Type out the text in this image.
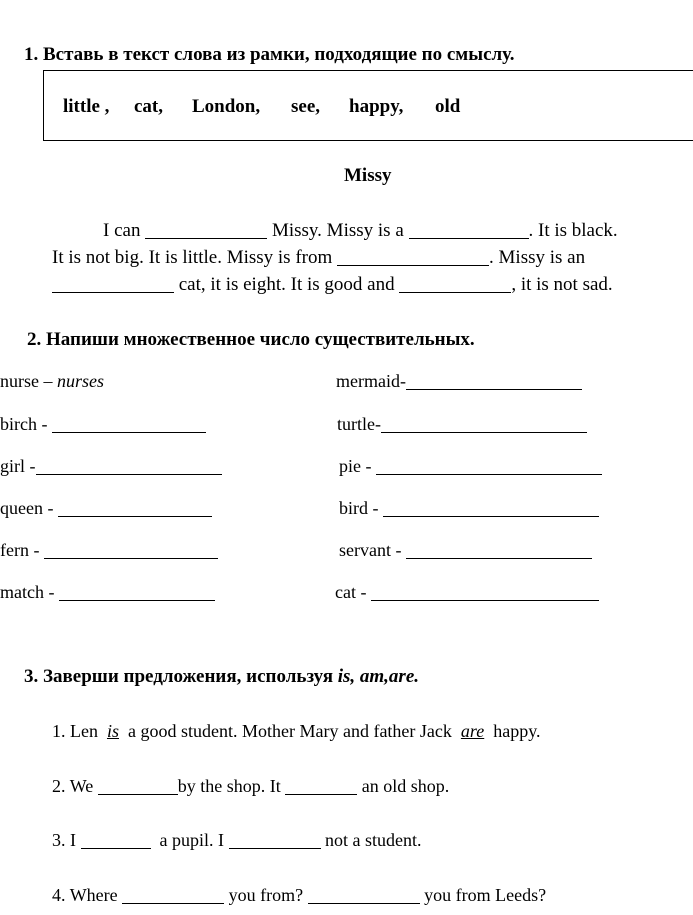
1. Вставь в текст слова из рамки, подходящие по смыслу.
little , cat, London, see, happy, old
Missy
I can	Missy. Missy is a	. It is black.
It is not big. It is little. Missy is from	. Missy is an
cat, it is eight. It is good and	, it is not sad.
2. Напиши множественное число существительных.
nurse – nurses
birch -
girl -
queen -
fern -
match -
mermaid-
turtle-
pie -
bird -
servant -
cat -
3. Заверши предложения, используя is, am,are.
1. Len is a good student. Mother Mary and father Jack are happy.
2. We	by the shop. It	an old shop.
3. I	a pupil. I	not a student.
4. Where	you from?	you from Leeds?
